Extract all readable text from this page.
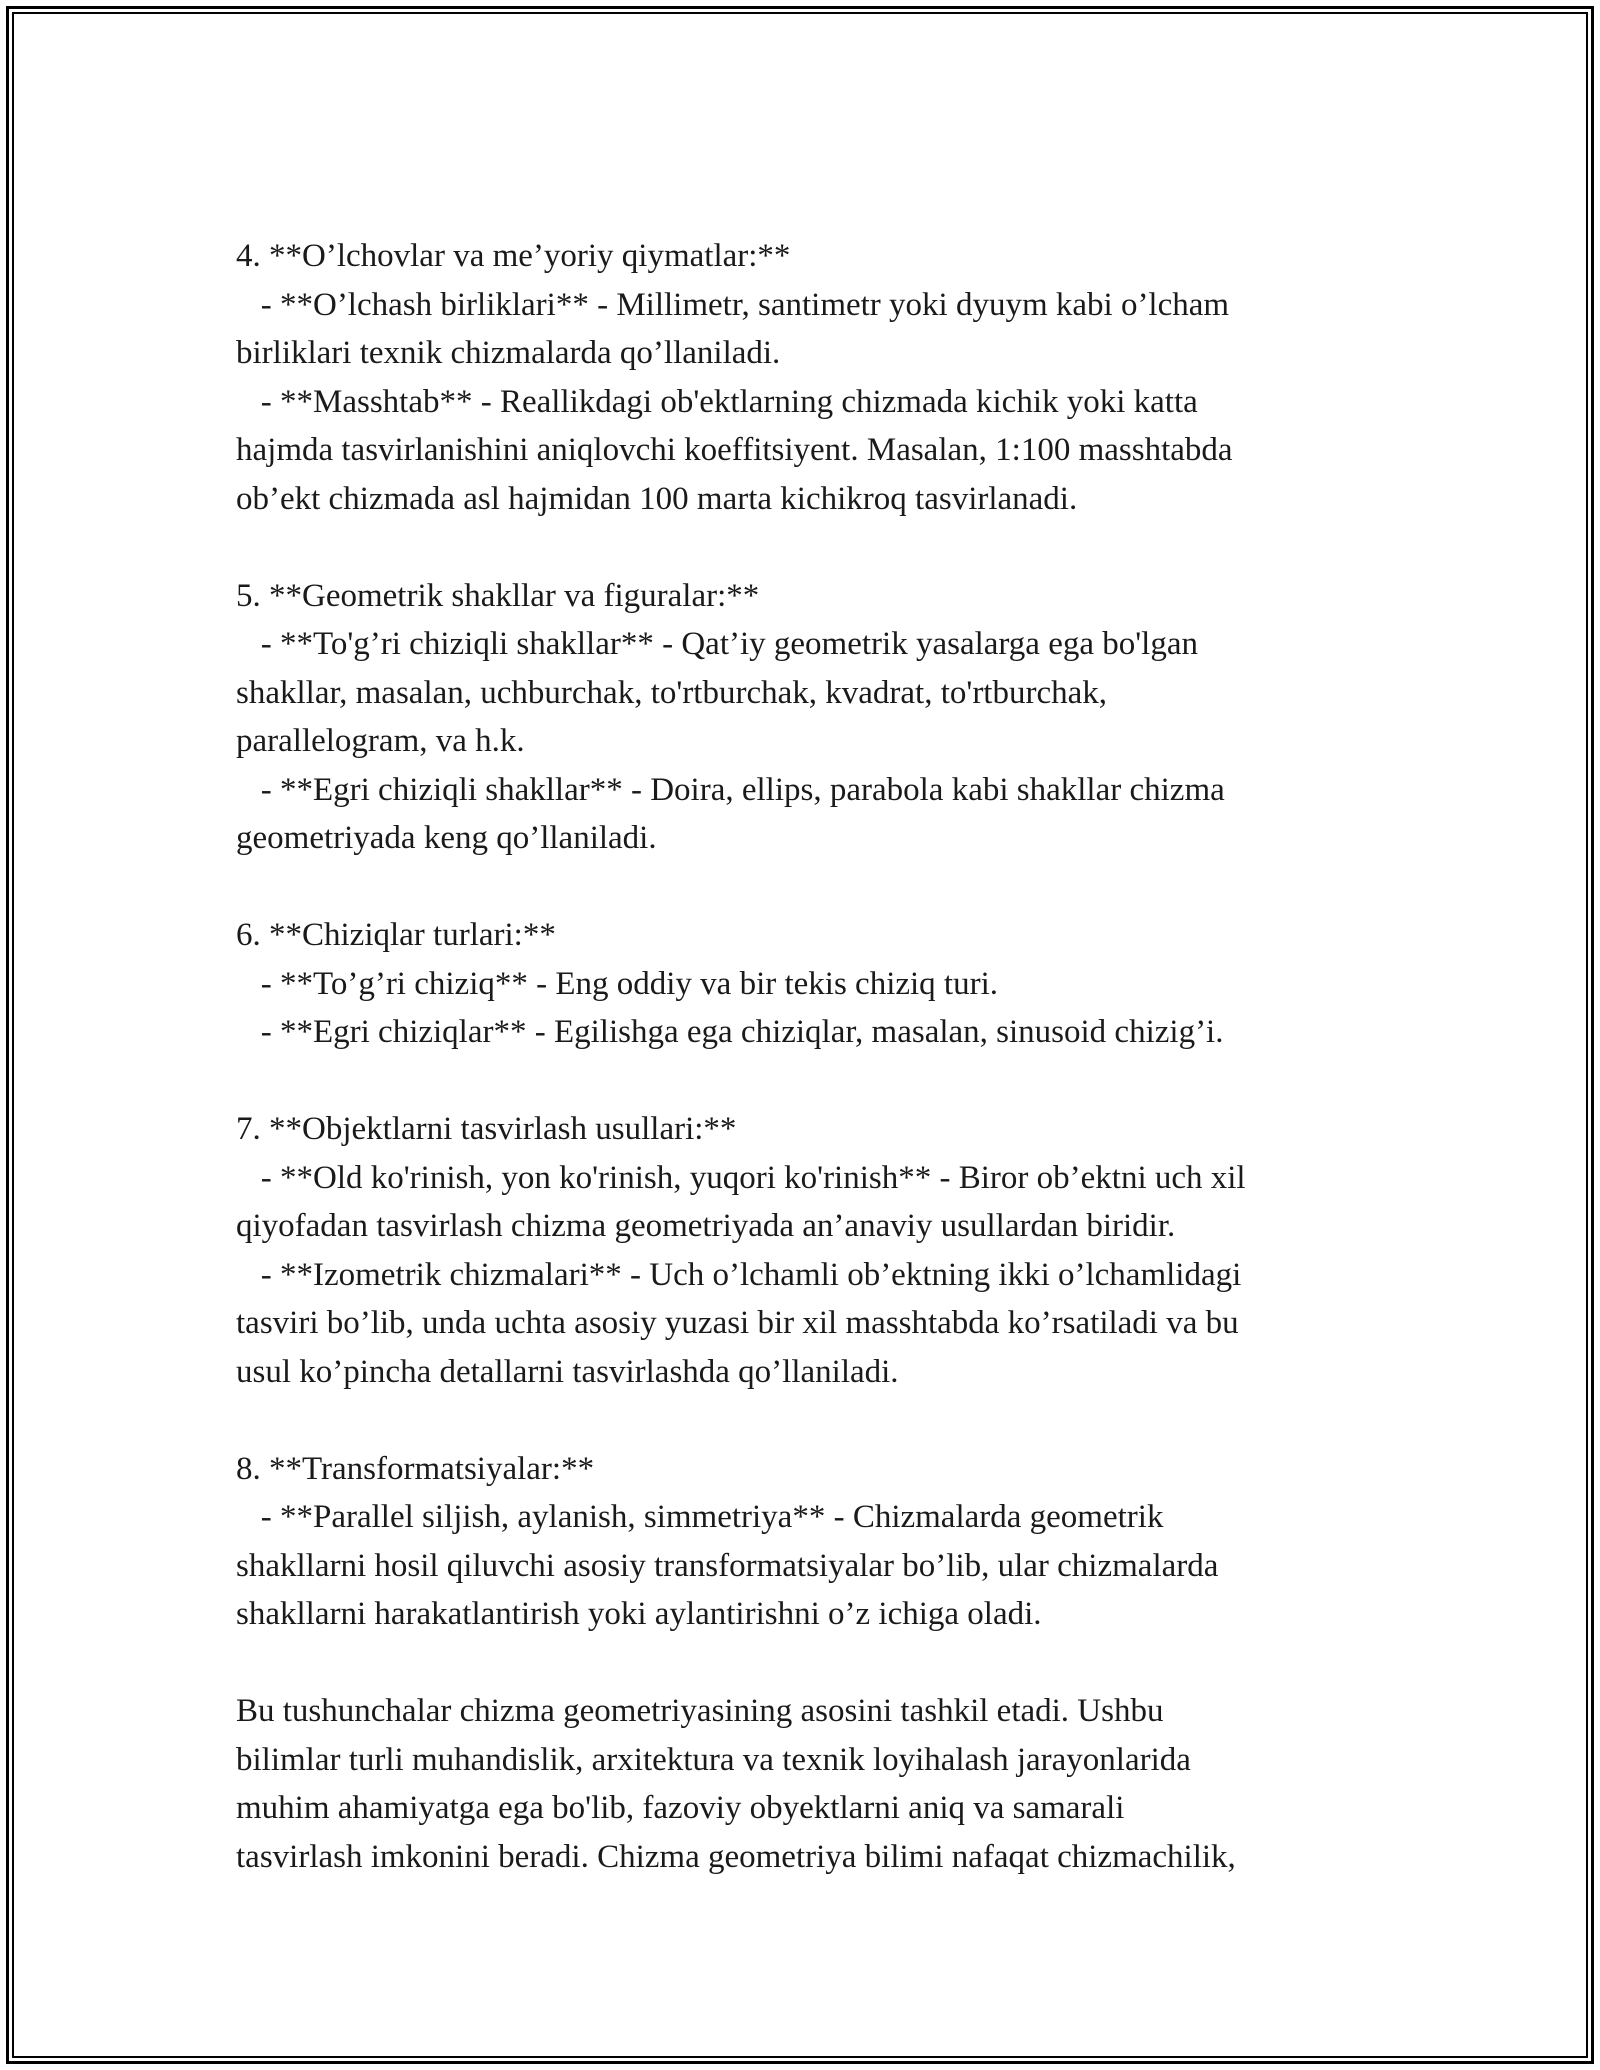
4. **O’lchovlar va me’yoriy qiymatlar:**
- **O’lchash birliklari** - Millimetr, santimetr yoki dyuym kabi o’lcham
birliklari texnik chizmalarda qo’llaniladi.
- **Masshtab** - Reallikdagi ob'ektlarning chizmada kichik yoki katta
hajmda tasvirlanishini aniqlovchi koeffitsiyent. Masalan, 1:100 masshtabda
ob’ekt chizmada asl hajmidan 100 marta kichikroq tasvirlanadi.
5. **Geometrik shakllar va figuralar:**
- **To'g’ri chiziqli shakllar** - Qat’iy geometrik yasalarga ega bo'lgan
shakllar, masalan, uchburchak, to'rtburchak, kvadrat, to'rtburchak,
parallelogram, va h.k.
- **Egri chiziqli shakllar** - Doira, ellips, parabola kabi shakllar chizma
geometriyada keng qo’llaniladi.
6. **Chiziqlar turlari:**
- **To’g’ri chiziq** - Eng oddiy va bir tekis chiziq turi.
- **Egri chiziqlar** - Egilishga ega chiziqlar, masalan, sinusoid chizig’i.
7. **Objektlarni tasvirlash usullari:**
- **Old ko'rinish, yon ko'rinish, yuqori ko'rinish** - Biror ob’ektni uch xil
qiyofadan tasvirlash chizma geometriyada an’anaviy usullardan biridir.
- **Izometrik chizmalari** - Uch o’lchamli ob’ektning ikki o’lchamlidagi
tasviri bo’lib, unda uchta asosiy yuzasi bir xil masshtabda ko’rsatiladi va bu
usul ko’pincha detallarni tasvirlashda qo’llaniladi.
8. **Transformatsiyalar:**
- **Parallel siljish, aylanish, simmetriya** - Chizmalarda geometrik
shakllarni hosil qiluvchi asosiy transformatsiyalar bo’lib, ular chizmalarda
shakllarni harakatlantirish yoki aylantirishni o’z ichiga oladi.
Bu tushunchalar chizma geometriyasining asosini tashkil etadi. Ushbu
bilimlar turli muhandislik, arxitektura va texnik loyihalash jarayonlarida
muhim ahamiyatga ega bo'lib, fazoviy obyektlarni aniq va samarali
tasvirlash imkonini beradi. Chizma geometriya bilimi nafaqat chizmachilik,
